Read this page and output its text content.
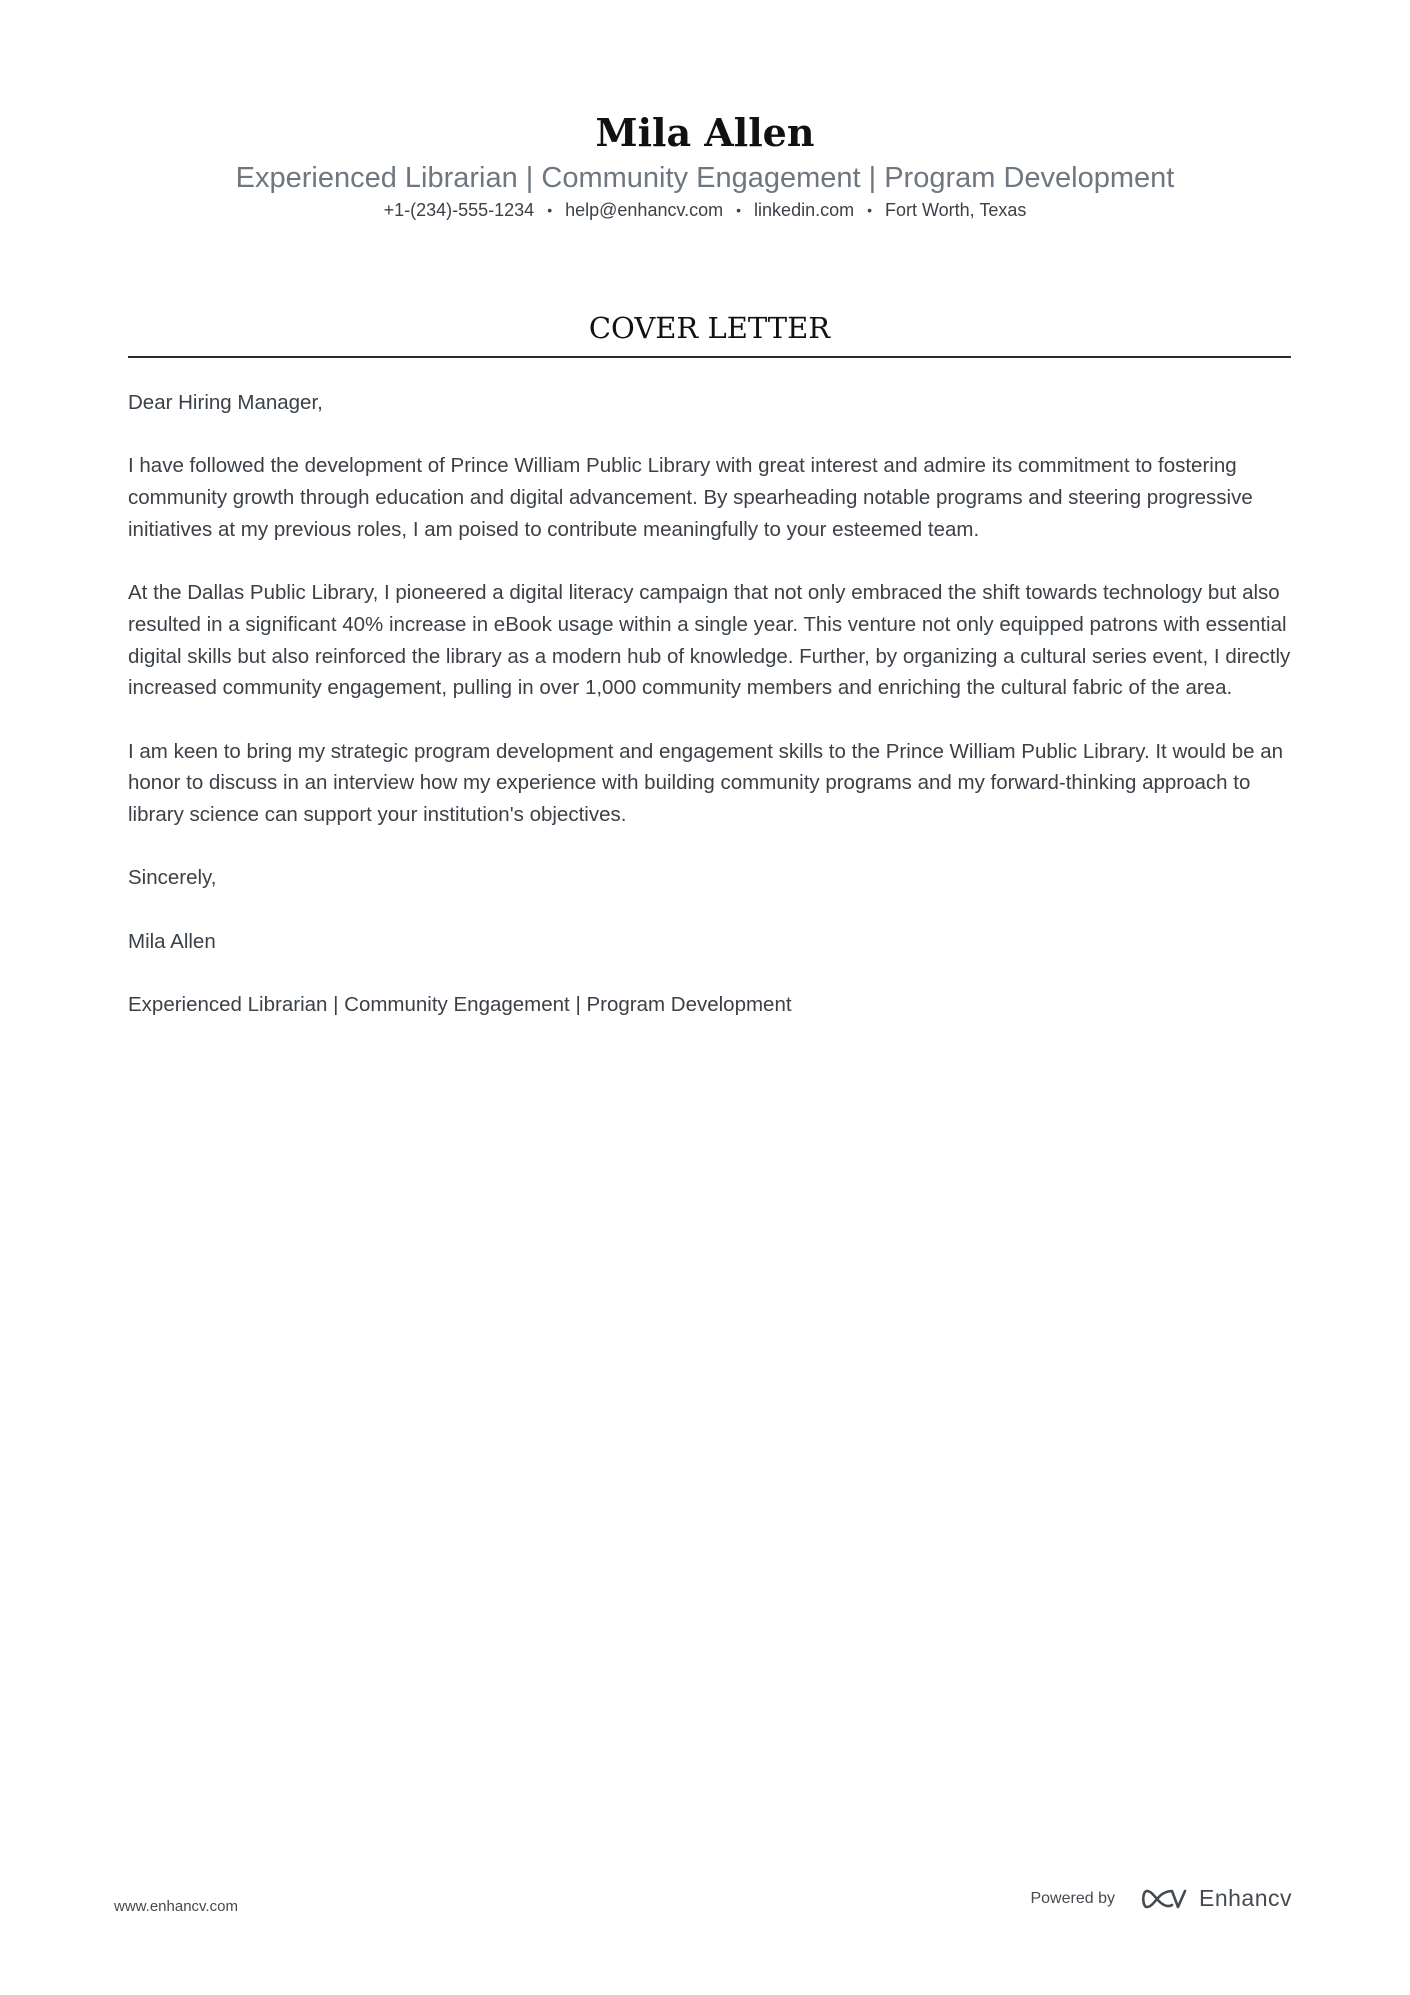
Mila Allen
Experienced Librarian | Community Engagement | Program Development
+1-(234)-555-1234 • help@enhancv.com • linkedin.com • Fort Worth, Texas
COVER LETTER

Dear Hiring Manager,

I have followed the development of Prince William Public Library with great interest and admire its commitment to fostering community growth through education and digital advancement. By spearheading notable programs and steering progressive initiatives at my previous roles, I am poised to contribute meaningfully to your esteemed team.

At the Dallas Public Library, I pioneered a digital literacy campaign that not only embraced the shift towards technology but also resulted in a significant 40% increase in eBook usage within a single year. This venture not only equipped patrons with essential digital skills but also reinforced the library as a modern hub of knowledge. Further, by organizing a cultural series event, I directly increased community engagement, pulling in over 1,000 community members and enriching the cultural fabric of the area.

I am keen to bring my strategic program development and engagement skills to the Prince William Public Library. It would be an honor to discuss in an interview how my experience with building community programs and my forward-thinking approach to library science can support your institution's objectives.

Sincerely,

Mila Allen

Experienced Librarian | Community Engagement | Program Development

www.enhancv.com	Powered by	Enhancv
